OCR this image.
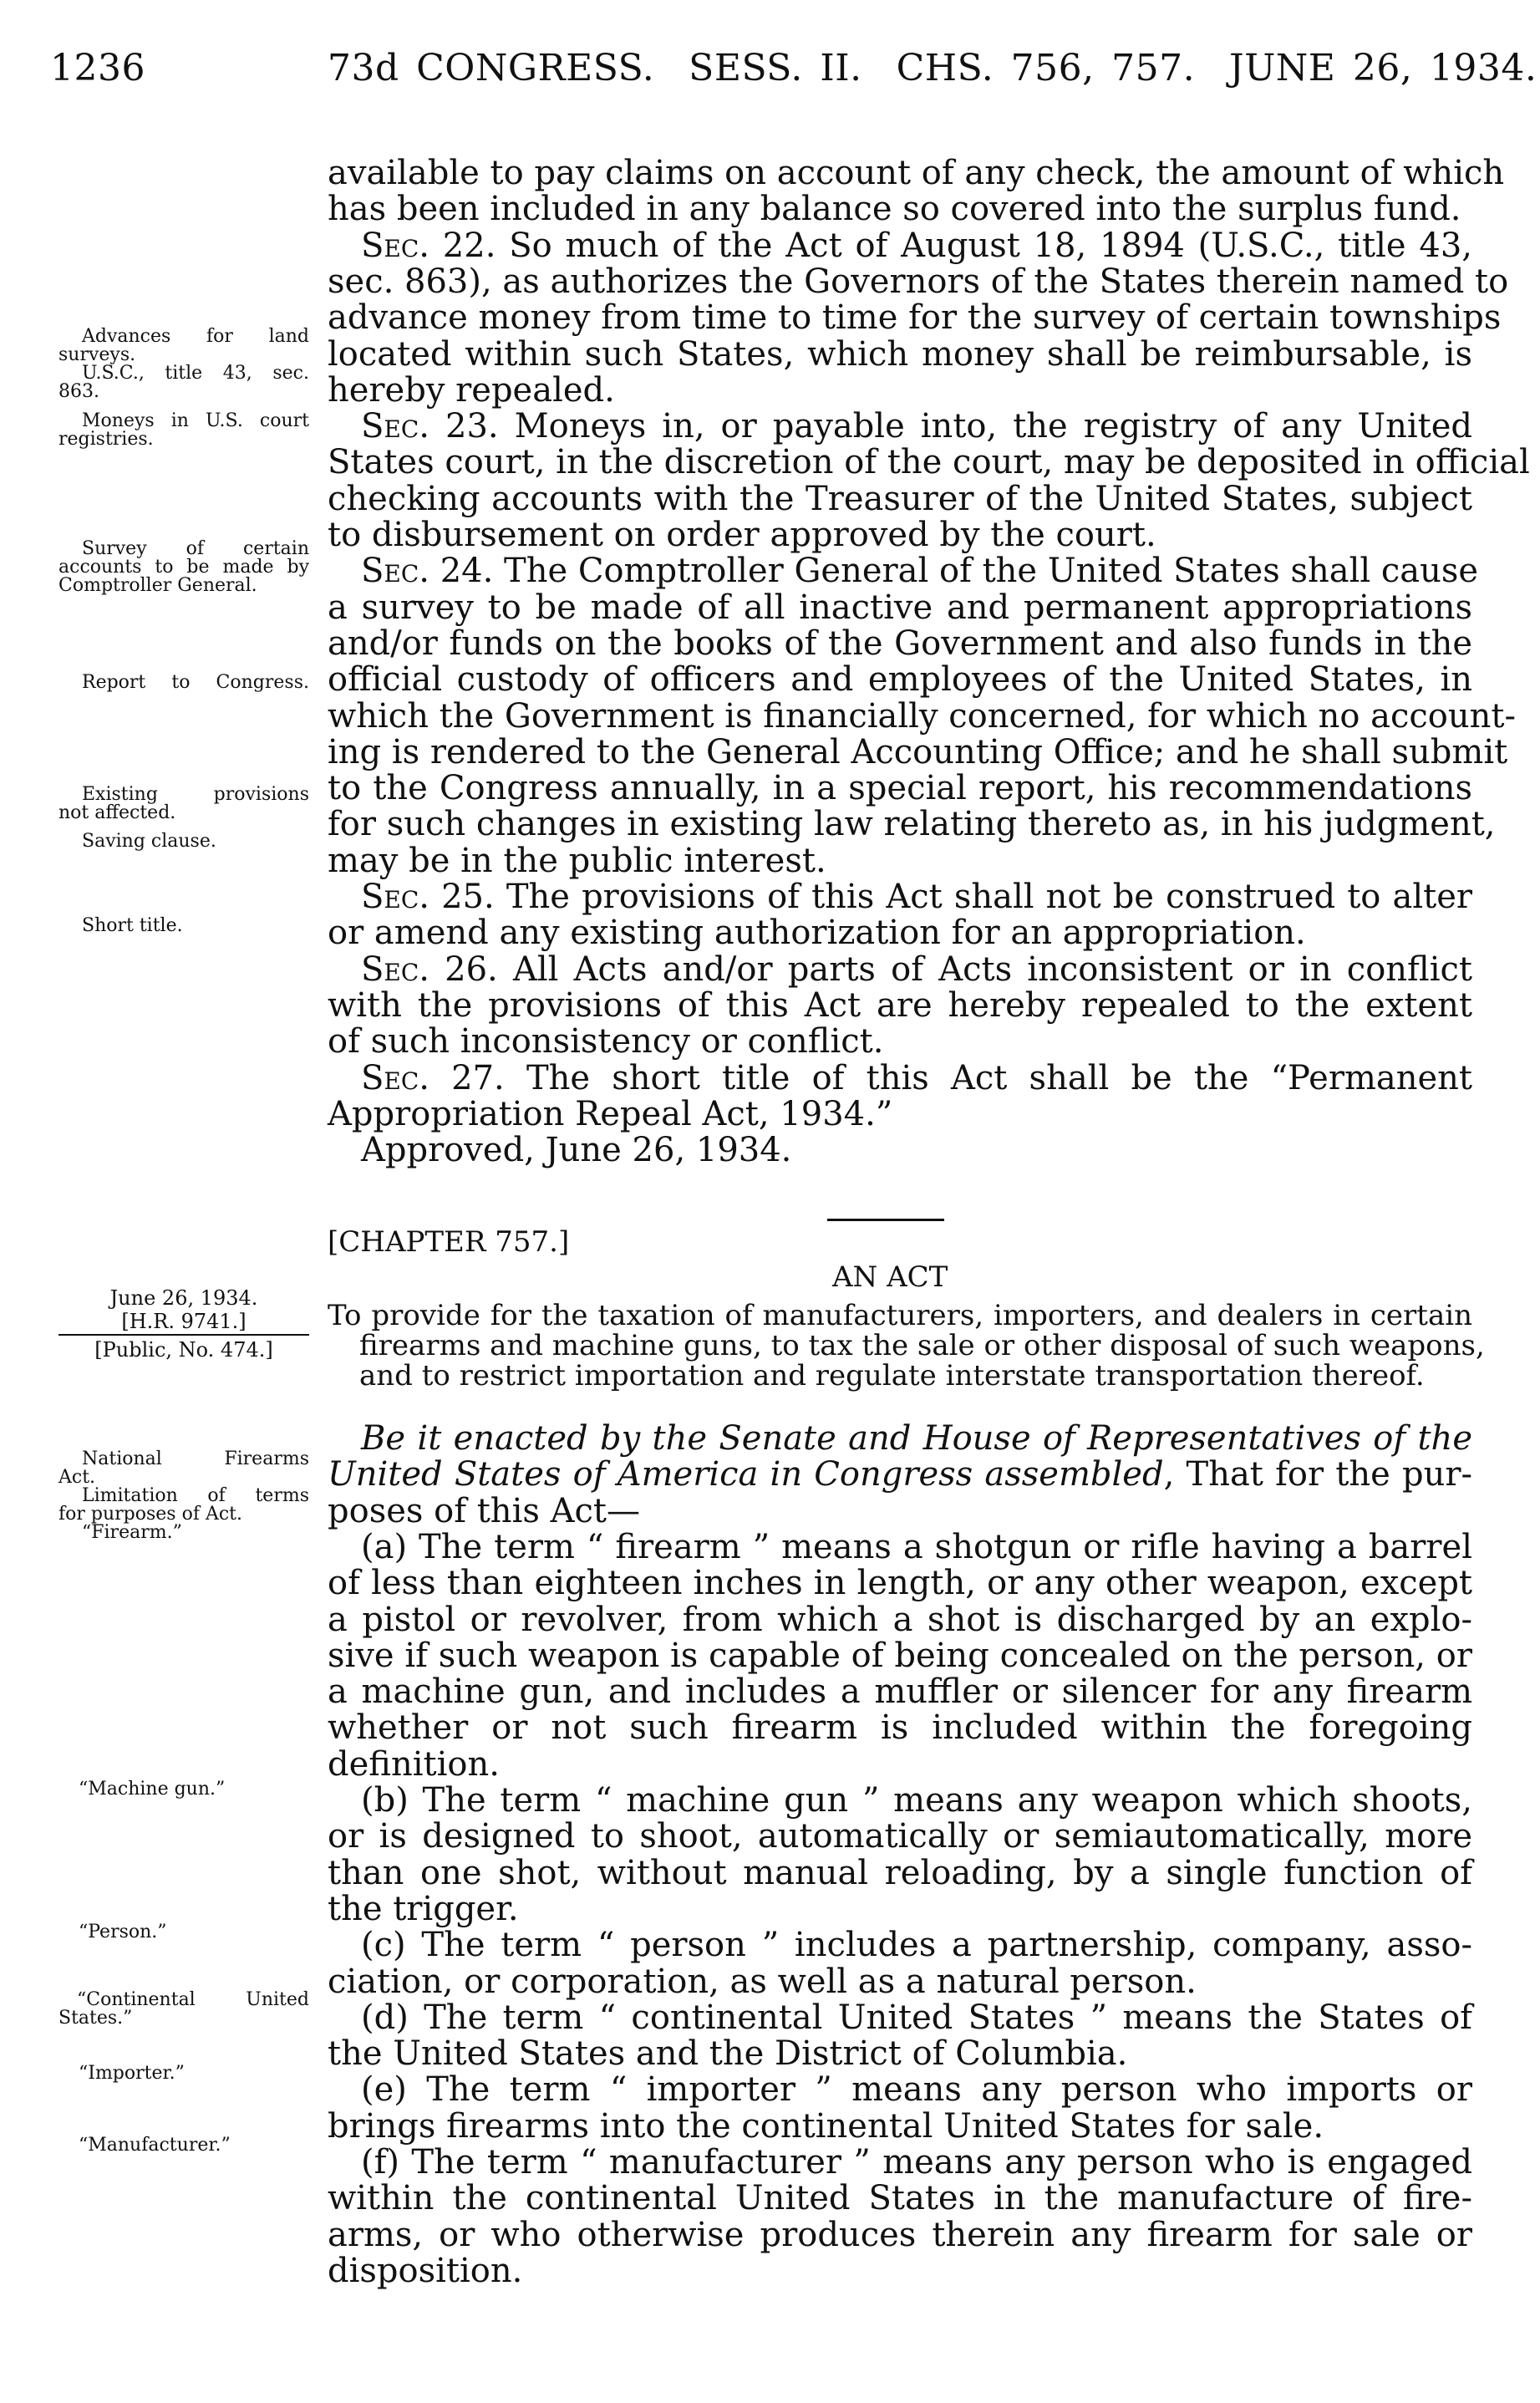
1236	73d CONGRESS.  SESS. II.  CHS. 756, 757.  JUNE 26, 1934.
available to pay claims on account of any check, the amount of which
has been included in any balance so covered into the surplus fund.
Sec. 22. So much of the Act of August 18, 1894 (U.S.C., title 43,
sec. 863), as authorizes the Governors of the States therein named to
advance money from time to time for the survey of certain townships
located within such States, which money shall be reimbursable, is
hereby repealed.
Sec. 23. Moneys in, or payable into, the registry of any United
States court, in the discretion of the court, may be deposited in official
checking accounts with the Treasurer of the United States, subject
to disbursement on order approved by the court.
Sec. 24. The Comptroller General of the United States shall cause
a survey to be made of all inactive and permanent appropriations
and/or funds on the books of the Government and also funds in the
official custody of officers and employees of the United States, in
which the Government is financially concerned, for which no account-
ing is rendered to the General Accounting Office; and he shall submit
to the Congress annually, in a special report, his recommendations
for such changes in existing law relating thereto as, in his judgment,
may be in the public interest.
Sec. 25. The provisions of this Act shall not be construed to alter
or amend any existing authorization for an appropriation.
Sec. 26. All Acts and/or parts of Acts inconsistent or in conflict
with the provisions of this Act are hereby repealed to the extent
of such inconsistency or conflict.
Sec. 27. The short title of this Act shall be the “Permanent
Appropriation Repeal Act, 1934.”
Approved, June 26, 1934.
Advances for land
surveys.
U.S.C., title 43, sec.
863.
Moneys in U.S. court
registries.
Survey of certain
accounts to be made by Comptroller General.
Report to Congress.
Existing provisions
not affected.
Saving clause.
Short title.
[CHAPTER 757.]
AN ACT
June 26, 1934.
[H.R. 9741.]
[Public, No. 474.]
To provide for the taxation of manufacturers, importers, and dealers in certain
firearms and machine guns, to tax the sale or other disposal of such weapons,
and to restrict importation and regulate interstate transportation thereof.
Be it enacted by the Senate and House of Representatives of the
United States of America in Congress assembled, That for the pur-
poses of this Act—
(a) The term “ firearm ” means a shotgun or rifle having a barrel
of less than eighteen inches in length, or any other weapon, except
a pistol or revolver, from which a shot is discharged by an explo-
sive if such weapon is capable of being concealed on the person, or
a machine gun, and includes a muffler or silencer for any firearm
whether or not such firearm is included within the foregoing
definition.
(b) The term “ machine gun ” means any weapon which shoots,
or is designed to shoot, automatically or semiautomatically, more
than one shot, without manual reloading, by a single function of
the trigger.
(c) The term “ person ” includes a partnership, company, asso-
ciation, or corporation, as well as a natural person.
(d) The term “ continental United States ” means the States of
the United States and the District of Columbia.
(e) The term “ importer ” means any person who imports or
brings firearms into the continental United States for sale.
(f) The term “ manufacturer ” means any person who is engaged
within the continental United States in the manufacture of fire-
arms, or who otherwise produces therein any firearm for sale or
disposition.
National Firearms
Act.
Limitation of terms
for purposes of Act.
“Firearm.”
“Machine gun.”
“Person.”
“Continental United
States.”
“Importer.”
“Manufacturer.”
